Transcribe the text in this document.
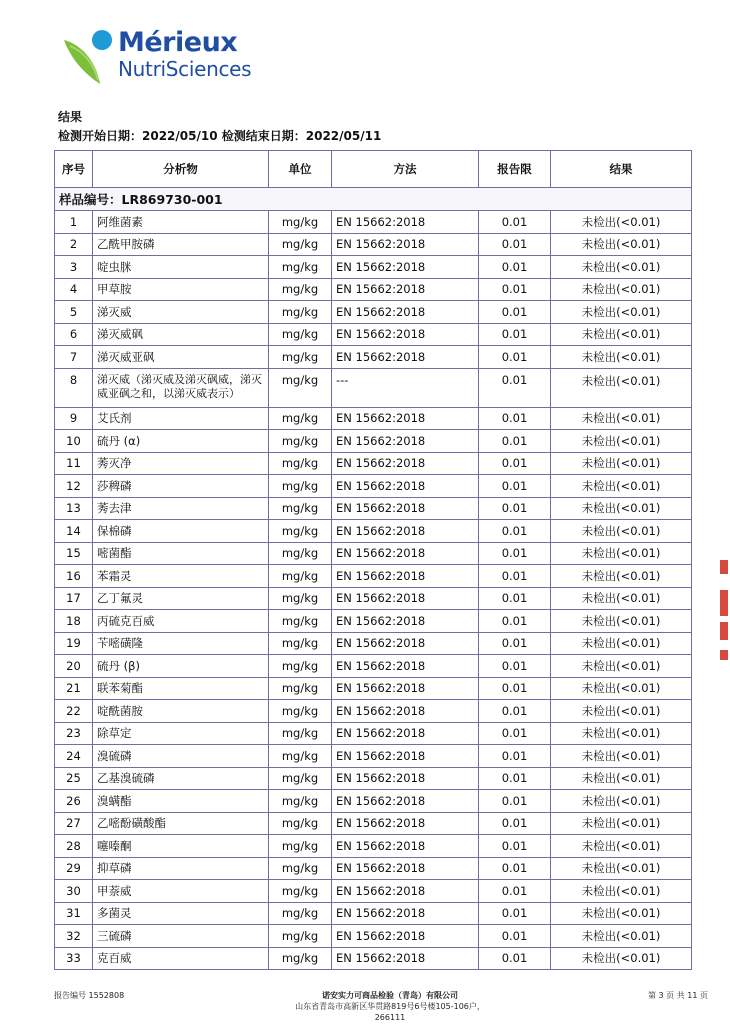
Mérieux
NutriSciences
结果
检测开始日期：2022/05/10 检测结束日期：2022/05/11
序号	分析物	单位	方法	报告限	结果
样品编号：LR869730-001					
1	阿维菌素	mg/kg	EN 15662:2018	0.01	未检出(<0.01)
2	乙酰甲胺磷	mg/kg	EN 15662:2018	0.01	未检出(<0.01)
3	啶虫脒	mg/kg	EN 15662:2018	0.01	未检出(<0.01)
4	甲草胺	mg/kg	EN 15662:2018	0.01	未检出(<0.01)
5	涕灭威	mg/kg	EN 15662:2018	0.01	未检出(<0.01)
6	涕灭威砜	mg/kg	EN 15662:2018	0.01	未检出(<0.01)
7	涕灭威亚砜	mg/kg	EN 15662:2018	0.01	未检出(<0.01)
8	涕灭威（涕灭威及涕灭砜威，涕灭威亚砜之和，以涕灭威表示）	mg/kg	---	0.01	未检出(<0.01)
9	艾氏剂	mg/kg	EN 15662:2018	0.01	未检出(<0.01)
10	硫丹 (α)	mg/kg	EN 15662:2018	0.01	未检出(<0.01)
11	莠灭净	mg/kg	EN 15662:2018	0.01	未检出(<0.01)
12	莎稗磷	mg/kg	EN 15662:2018	0.01	未检出(<0.01)
13	莠去津	mg/kg	EN 15662:2018	0.01	未检出(<0.01)
14	保棉磷	mg/kg	EN 15662:2018	0.01	未检出(<0.01)
15	嘧菌酯	mg/kg	EN 15662:2018	0.01	未检出(<0.01)
16	苯霜灵	mg/kg	EN 15662:2018	0.01	未检出(<0.01)
17	乙丁氟灵	mg/kg	EN 15662:2018	0.01	未检出(<0.01)
18	丙硫克百威	mg/kg	EN 15662:2018	0.01	未检出(<0.01)
19	苄嘧磺隆	mg/kg	EN 15662:2018	0.01	未检出(<0.01)
20	硫丹 (β)	mg/kg	EN 15662:2018	0.01	未检出(<0.01)
21	联苯菊酯	mg/kg	EN 15662:2018	0.01	未检出(<0.01)
22	啶酰菌胺	mg/kg	EN 15662:2018	0.01	未检出(<0.01)
23	除草定	mg/kg	EN 15662:2018	0.01	未检出(<0.01)
24	溴硫磷	mg/kg	EN 15662:2018	0.01	未检出(<0.01)
25	乙基溴硫磷	mg/kg	EN 15662:2018	0.01	未检出(<0.01)
26	溴螨酯	mg/kg	EN 15662:2018	0.01	未检出(<0.01)
27	乙嘧酚磺酸酯	mg/kg	EN 15662:2018	0.01	未检出(<0.01)
28	噻嗪酮	mg/kg	EN 15662:2018	0.01	未检出(<0.01)
29	抑草磷	mg/kg	EN 15662:2018	0.01	未检出(<0.01)
30	甲萘威	mg/kg	EN 15662:2018	0.01	未检出(<0.01)
31	多菌灵	mg/kg	EN 15662:2018	0.01	未检出(<0.01)
32	三硫磷	mg/kg	EN 15662:2018	0.01	未检出(<0.01)
33	克百威	mg/kg	EN 15662:2018	0.01	未检出(<0.01)
报告编号 1552808	诺安实力可商品检验（青岛）有限公司
山东省青岛市高新区华贯路819号6号楼105-106户，266111
第 3 页 共 11 页
